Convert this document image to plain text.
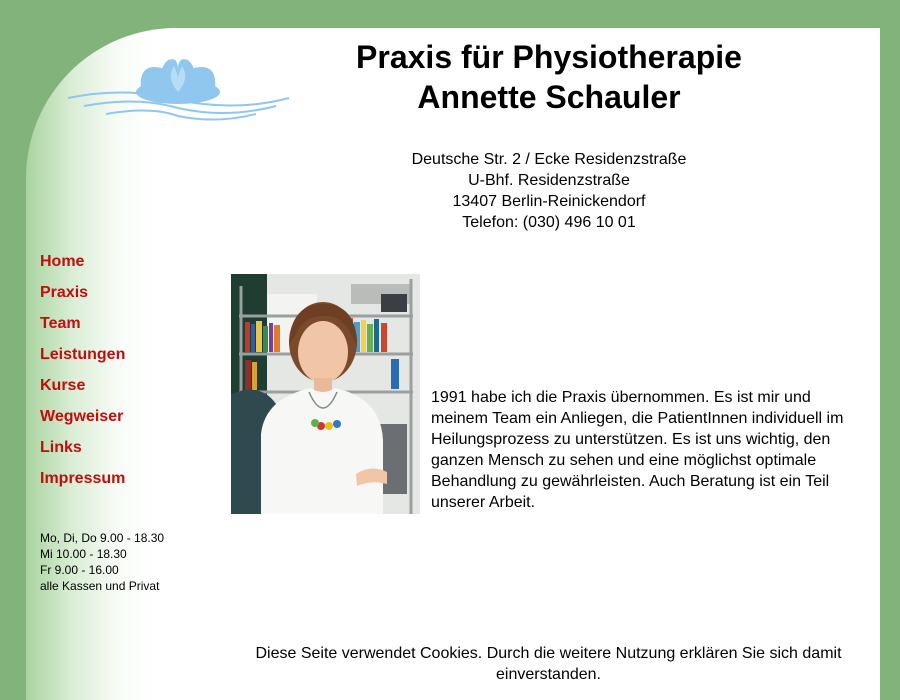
Praxis für Physiotherapie
Annette Schauler
Deutsche Str. 2 / Ecke Residenzstraße
U-Bhf. Residenzstraße
13407 Berlin-Reinickendorf
Telefon: (030) 496 10 01
Home
Praxis
Team
Leistungen
Kurse
Wegweiser
Links
Impressum
Mo, Di, Do 9.00 - 18.30
Mi 10.00 - 18.30
Fr 9.00 - 16.00
alle Kassen und Privat
1991 habe ich die Praxis übernommen. Es ist mir und meinem Team ein Anliegen, die PatientInnen individuell im Heilungsprozess zu unterstützen. Es ist uns wichtig, den ganzen Mensch zu sehen und eine möglichst optimale Behandlung zu gewährleisten. Auch Beratung ist ein Teil unserer Arbeit.
Diese Seite verwendet Cookies. Durch die weitere Nutzung erklären Sie sich damit einverstanden.
